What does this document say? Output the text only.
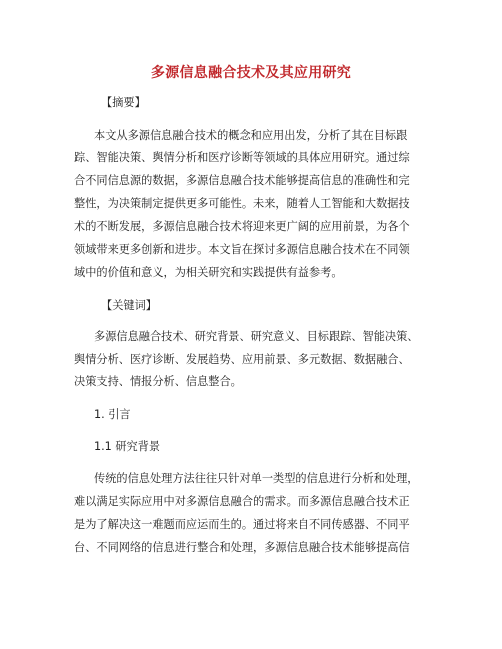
多源信息融合技术及其应用研究
【摘要】
本文从多源信息融合技术的概念和应用出发，分析了其在目标跟
踪、智能决策、舆情分析和医疗诊断等领域的具体应用研究。通过综
合不同信息源的数据，多源信息融合技术能够提高信息的准确性和完
整性，为决策制定提供更多可能性。未来，随着人工智能和大数据技
术的不断发展，多源信息融合技术将迎来更广阔的应用前景，为各个
领域带来更多创新和进步。本文旨在探讨多源信息融合技术在不同领
域中的价值和意义，为相关研究和实践提供有益参考。
【关键词】
多源信息融合技术、研究背景、研究意义、目标跟踪、智能决策、
舆情分析、医疗诊断、发展趋势、应用前景、多元数据、数据融合、
决策支持、情报分析、信息整合。
1. 引言
1.1 研究背景
传统的信息处理方法往往只针对单一类型的信息进行分析和处理，
难以满足实际应用中对多源信息融合的需求。而多源信息融合技术正
是为了解决这一难题而应运而生的。通过将来自不同传感器、不同平
台、不同网络的信息进行整合和处理，多源信息融合技术能够提高信
